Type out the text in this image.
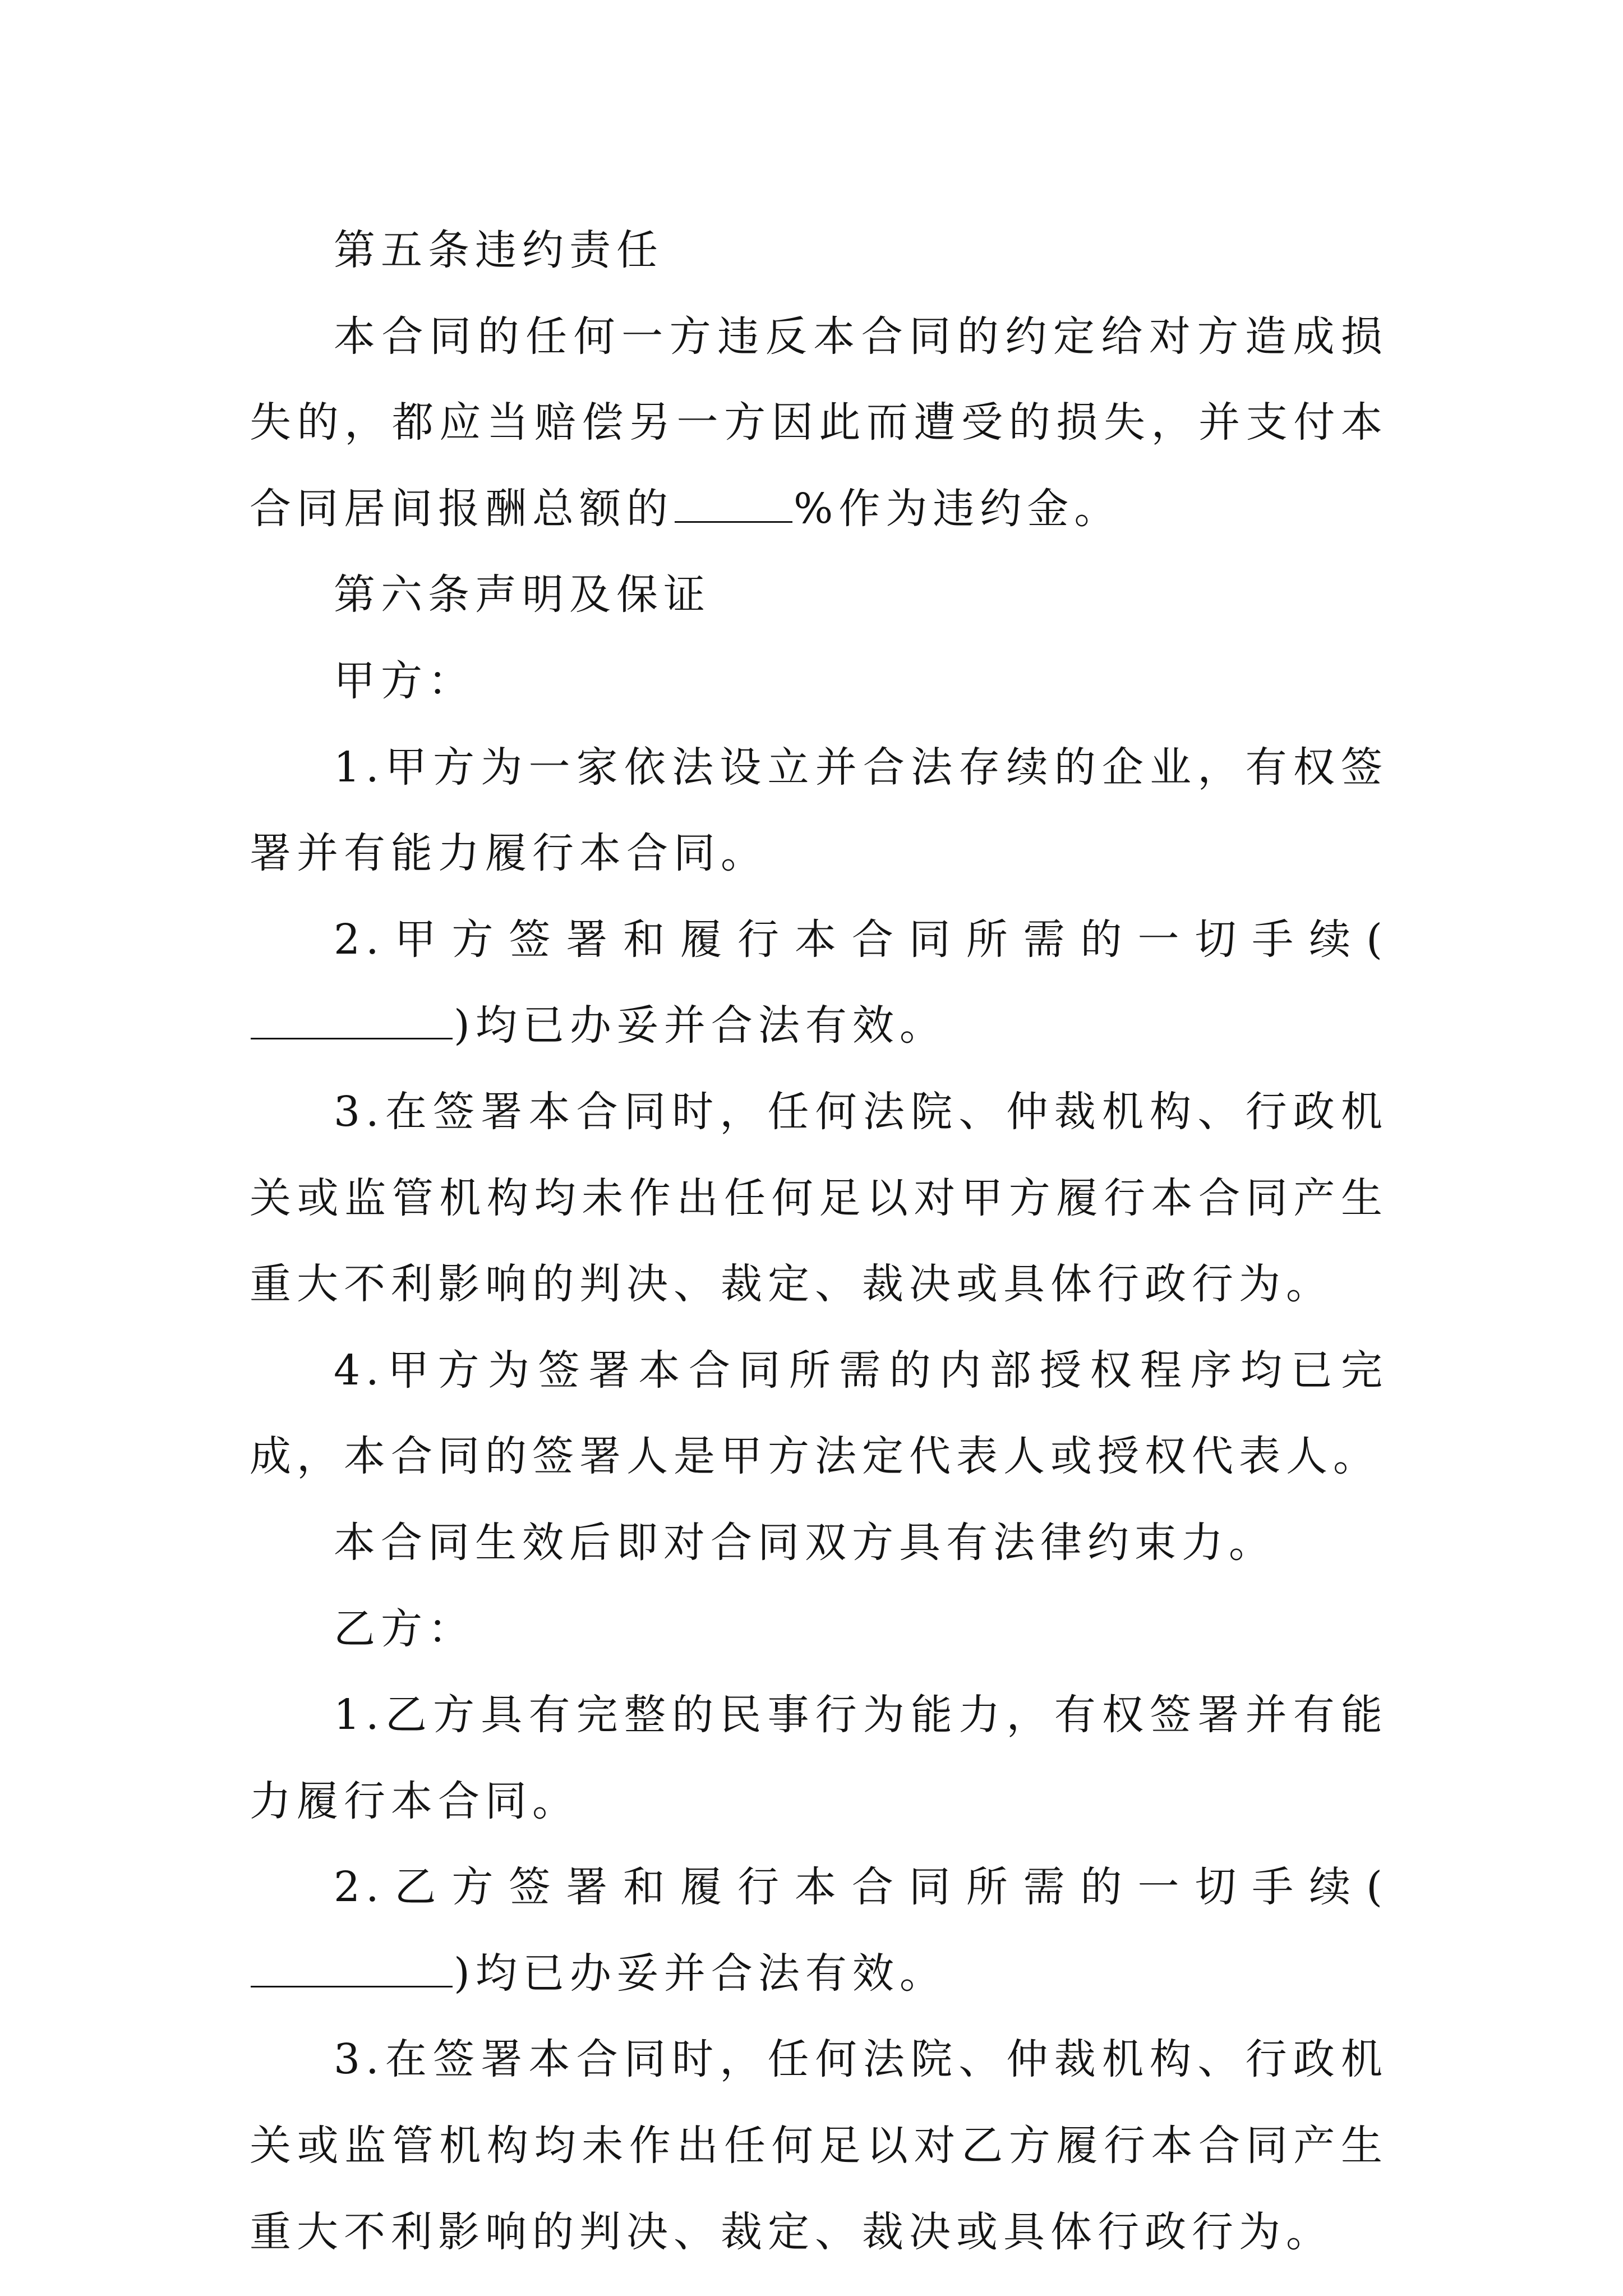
第五条违约责任

本合同的任何一方违反本合同的约定给对方造成损失的，都应当赔偿另一方因此而遭受的损失，并支付本合同居间报酬总额的	%作为违约金。

第六条声明及保证

甲方：

1.甲方为一家依法设立并合法存续的企业，有权签署并有能力履行本合同。

2.甲方签署和履行本合同所需的一切手续()均已办妥并合法有效。

3.在签署本合同时，任何法院、仲裁机构、行政机关或监管机构均未作出任何足以对甲方履行本合同产生重大不利影响的判决、裁定、裁决或具体行政行为。

4.甲方为签署本合同所需的内部授权程序均已完成，本合同的签署人是甲方法定代表人或授权代表人。

本合同生效后即对合同双方具有法律约束力。

乙方：

1.乙方具有完整的民事行为能力，有权签署并有能力履行本合同。

2.乙方签署和履行本合同所需的一切手续()均已办妥并合法有效。

3.在签署本合同时，任何法院、仲裁机构、行政机关或监管机构均未作出任何足以对乙方履行本合同产生重大不利影响的判决、裁定、裁决或具体行政行为。
